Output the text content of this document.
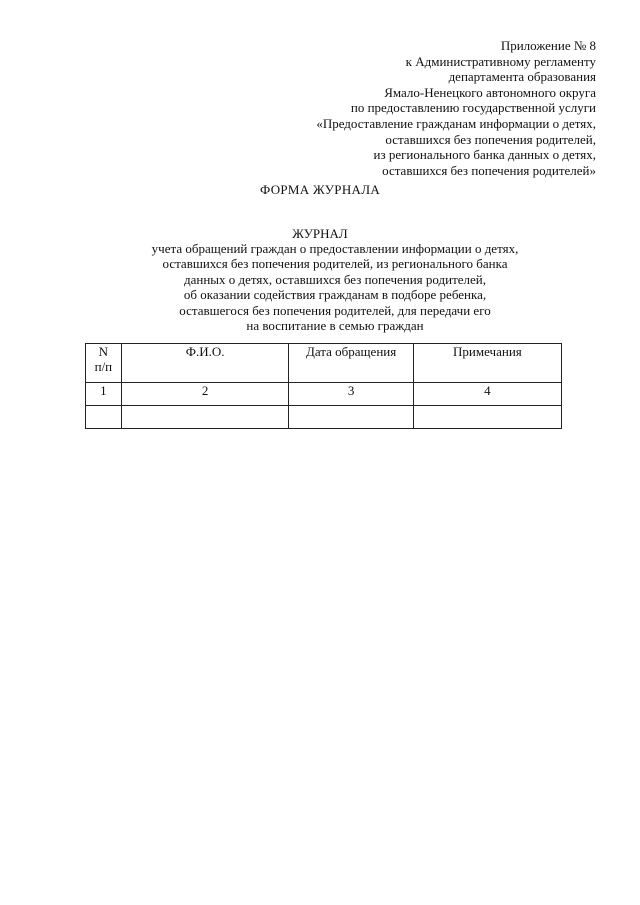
Приложение № 8
к Административному регламенту
департамента образования
Ямало-Ненецкого автономного округа
по предоставлению государственной услуги
«Предоставление гражданам информации о детях,
оставшихся без попечения родителей,
из регионального банка данных о детях,
оставшихся без попечения родителей»
ФОРМА ЖУРНАЛА
ЖУРНАЛ
учета обращений граждан о предоставлении информации о детях,
оставшихся без попечения родителей, из регионального банка
данных о детях, оставшихся без попечения родителей,
об оказании содействия гражданам в подборе ребенка,
оставшегося без попечения родителей, для передачи его
на воспитание в семью граждан
N
п/п	Ф.И.О.	Дата обращения	Примечания
1	2	3	4
